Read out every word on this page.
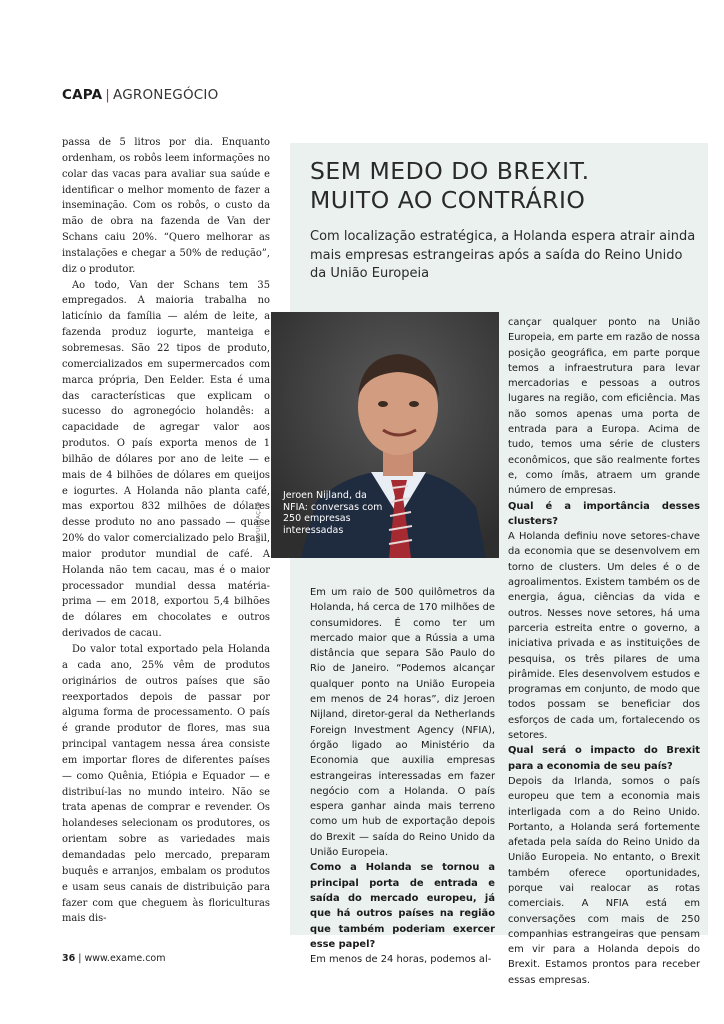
CAPA | AGRONEGÓCIO

passa de 5 litros por dia. Enquanto ordenham, os robôs leem informações no colar das vacas para avaliar sua saúde e identificar o melhor momento de fazer a inseminação. Com os robôs, o custo da mão de obra na fazenda de Van der Schans caiu 20%. “Quero melhorar as instalações e chegar a 50% de redução”, diz o produtor.

Ao todo, Van der Schans tem 35 empregados. A maioria trabalha no laticínio da família — além de leite, a fazenda produz iogurte, manteiga e sobremesas. São 22 tipos de produto, comercializados em supermercados com marca própria, Den Eelder. Esta é uma das características que explicam o sucesso do agronegócio holandês: a capacidade de agregar valor aos produtos. O país exporta menos de 1 bilhão de dólares por ano de leite — e mais de 4 bilhões de dólares em queijos e iogurtes. A Holanda não planta café, mas exportou 832 milhões de dólares desse produto no ano passado — quase 20% do valor comercializado pelo Brasil, maior produtor mundial de café. A Holanda não tem cacau, mas é o maior processador mundial dessa matéria-prima — em 2018, exportou 5,4 bilhões de dólares em chocolates e outros derivados de cacau.

Do valor total exportado pela Holanda a cada ano, 25% vêm de produtos originários de outros países que são reexportados depois de passar por alguma forma de processamento. O país é grande produtor de flores, mas sua principal vantagem nessa área consiste em importar flores de diferentes países — como Quênia, Etiópia e Equador — e distribuí-las no mundo inteiro. Não se trata apenas de comprar e revender. Os holandeses selecionam os produtores, os orientam sobre as variedades mais demandadas pelo mercado, preparam buquês e arranjos, embalam os produtos e usam seus canais de distribuição para fazer com que cheguem às floriculturas mais dis-

SEM MEDO DO BREXIT.
MUITO AO CONTRÁRIO
Com localização estratégica, a Holanda espera atrair ainda mais empresas estrangeiras após a saída do Reino Unido da União Europeia
Jeroen Nijland, da NFIA: conversas com 250 empresas interessadas
DIVULGAÇÃO

cançar qualquer ponto na União Europeia, em parte em razão de nossa posição geográfica, em parte porque temos a infraestrutura para levar mercadorias e pessoas a outros lugares na região, com eficiência. Mas não somos apenas uma porta de entrada para a Europa. Acima de tudo, temos uma série de clusters econômicos, que são realmente fortes e, como ímãs, atraem um grande número de empresas.

Qual é a importância desses clusters?

A Holanda definiu nove setores-chave da economia que se desenvolvem em torno de clusters. Um deles é o de agroalimentos. Existem também os de energia, água, ciências da vida e outros. Nesses nove setores, há uma parceria estreita entre o governo, a iniciativa privada e as instituições de pesquisa, os três pilares de uma pirâmide. Eles desenvolvem estudos e programas em conjunto, de modo que todos possam se beneficiar dos esforços de cada um, fortalecendo os setores.

Qual será o impacto do Brexit para a economia de seu país?

Depois da Irlanda, somos o país europeu que tem a economia mais interligada com a do Reino Unido. Portanto, a Holanda será fortemente afetada pela saída do Reino Unido da União Europeia. No entanto, o Brexit também oferece oportunidades, porque vai realocar as rotas comerciais. A NFIA está em conversações com mais de 250 companhias estrangeiras que pensam em vir para a Holanda depois do Brexit. Estamos prontos para receber essas empresas.

Em um raio de 500 quilômetros da Holanda, há cerca de 170 milhões de consumidores. É como ter um mercado maior que a Rússia a uma distância que separa São Paulo do Rio de Janeiro. “Podemos alcançar qualquer ponto na União Europeia em menos de 24 horas”, diz Jeroen Nijland, diretor-geral da Netherlands Foreign Investment Agency (NFIA), órgão ligado ao Ministério da Economia que auxilia empresas estrangeiras interessadas em fazer negócio com a Holanda. O país espera ganhar ainda mais terreno como um hub de exportação depois do Brexit — saída do Reino Unido da União Europeia.

Como a Holanda se tornou a principal porta de entrada e saída do mercado europeu, já que há outros países na região que também poderiam exercer esse papel?

Em menos de 24 horas, podemos al-

36 | www.exame.com
